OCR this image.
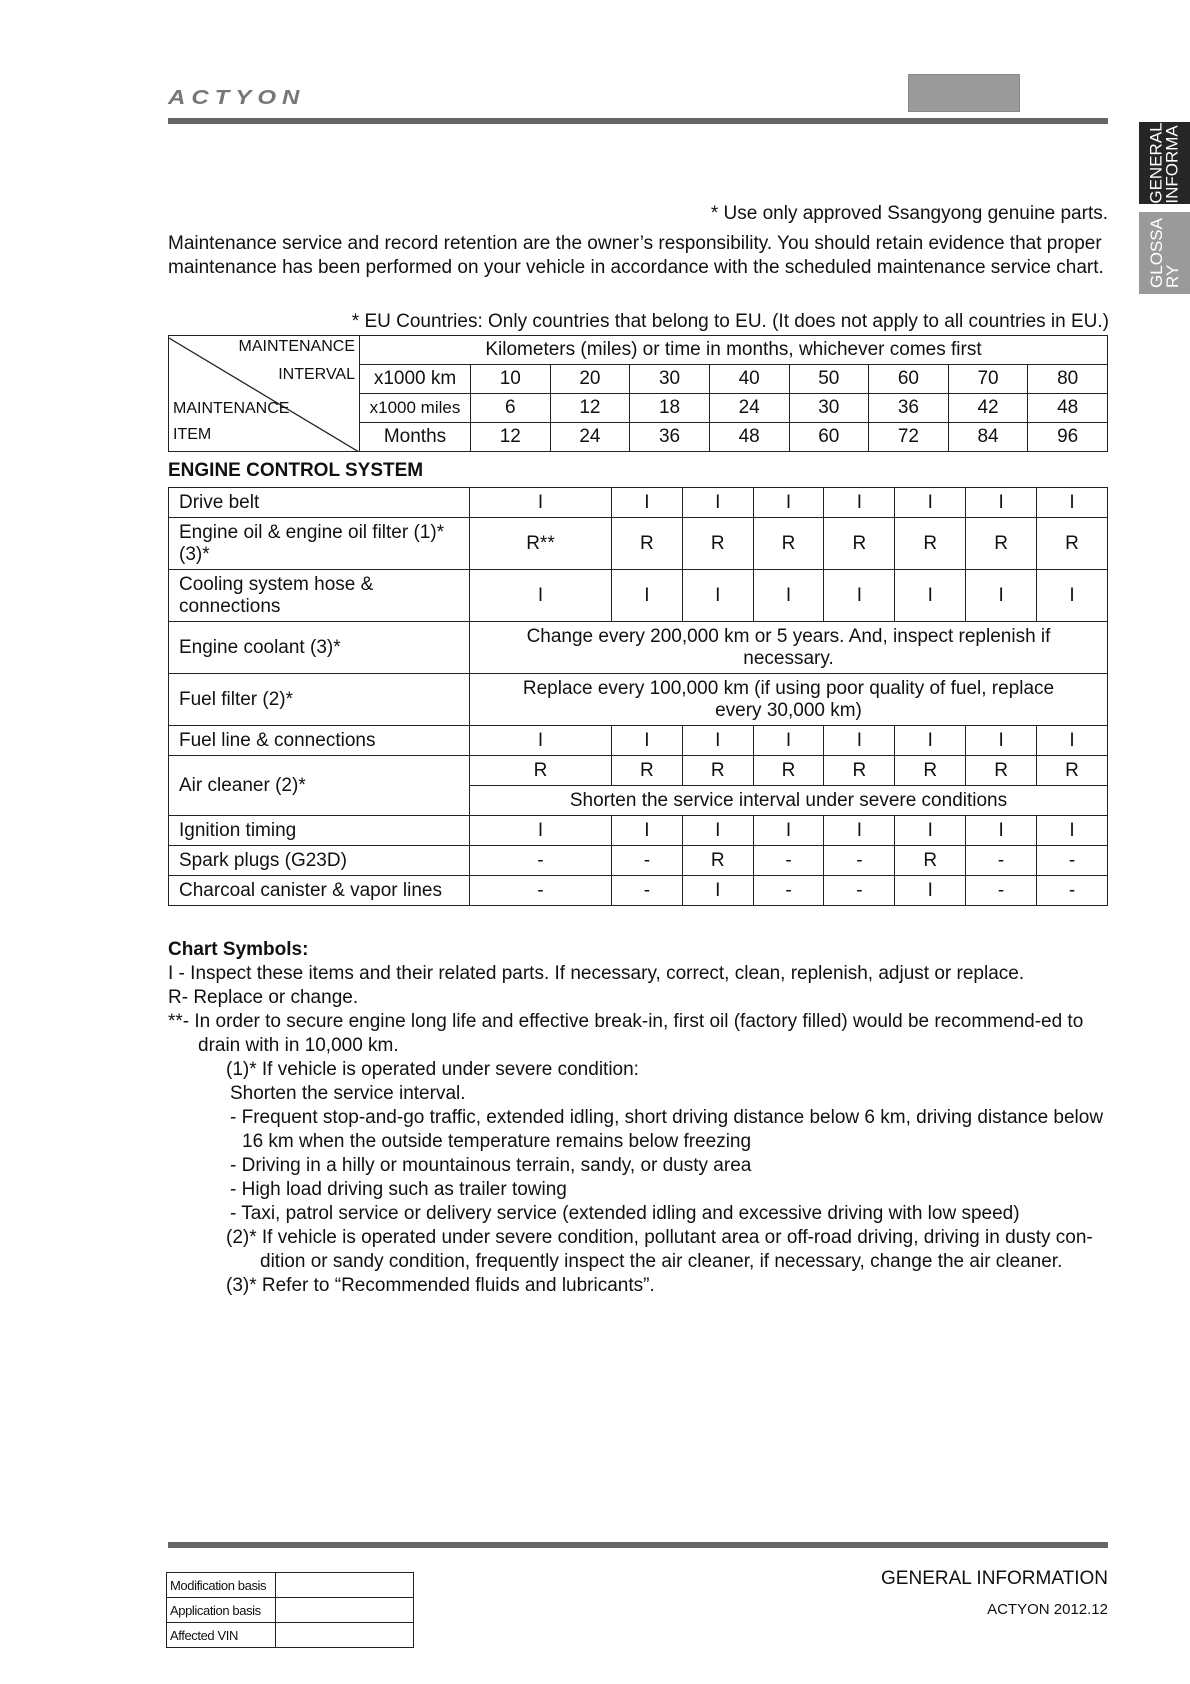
ACTYON
GENERAL
INFORMA
GLOSSA
RY
* Use only approved Ssangyong genuine parts.
Maintenance service and record retention are the owner’s responsibility. You should retain evidence that proper maintenance has been performed on your vehicle in accordance with the scheduled maintenance service chart.
* EU Countries: Only countries that belong to EU. (It does not apply to all countries in EU.)
MAINTENANCE
INTERVAL
MAINTENANCE
ITEM	Kilometers (miles) or time in months, whichever comes first								
	x1000 km	10	20	30	40	50	60	70	80
	x1000 miles	6	12	18	24	30	36	42	48
	Months	12	24	36	48	60	72	84	96
ENGINE CONTROL SYSTEM
Drive belt	I	I	I	I	I	I	I	I
Engine oil & engine oil filter (1)* (3)*	R**	R	R	R	R	R	R	R
Cooling system hose & connections	I	I	I	I	I	I	I	I
Engine coolant (3)*	Change every 200,000 km or 5 years. And, inspect replenish if necessary.							
Fuel filter (2)*	Replace every 100,000 km (if using poor quality of fuel, replace every 30,000 km)							
Fuel line & connections	I	I	I	I	I	I	I	I
Air cleaner (2)*	R	R	R	R	R	R	R	R
	Shorten the service interval under severe conditions							
Ignition timing	I	I	I	I	I	I	I	I
Spark plugs (G23D)	-	-	R	-	-	R	-	-
Charcoal canister & vapor lines	-	-	I	-	-	I	-	-
Chart Symbols:
I - Inspect these items and their related parts. If necessary, correct, clean, replenish, adjust or replace.
R- Replace or change.
**- In order to secure engine long life and effective break-in, first oil (factory filled) would be recommend-ed to drain with in 10,000 km.
(1)* If vehicle is operated under severe condition:
Shorten the service interval.
- Frequent stop-and-go traffic, extended idling, short driving distance below 6 km, driving distance below 16 km when the outside temperature remains below freezing
- Driving in a hilly or mountainous terrain, sandy, or dusty area
- High load driving such as trailer towing
- Taxi, patrol service or delivery service (extended idling and excessive driving with low speed)
(2)* If vehicle is operated under severe condition, pollutant area or off-road driving, driving in dusty con-dition or sandy condition, frequently inspect the air cleaner, if necessary, change the air cleaner.
(3)* Refer to “Recommended fluids and lubricants”.
Modification basis	
Application basis	
Affected VIN	
GENERAL INFORMATION
ACTYON 2012.12
